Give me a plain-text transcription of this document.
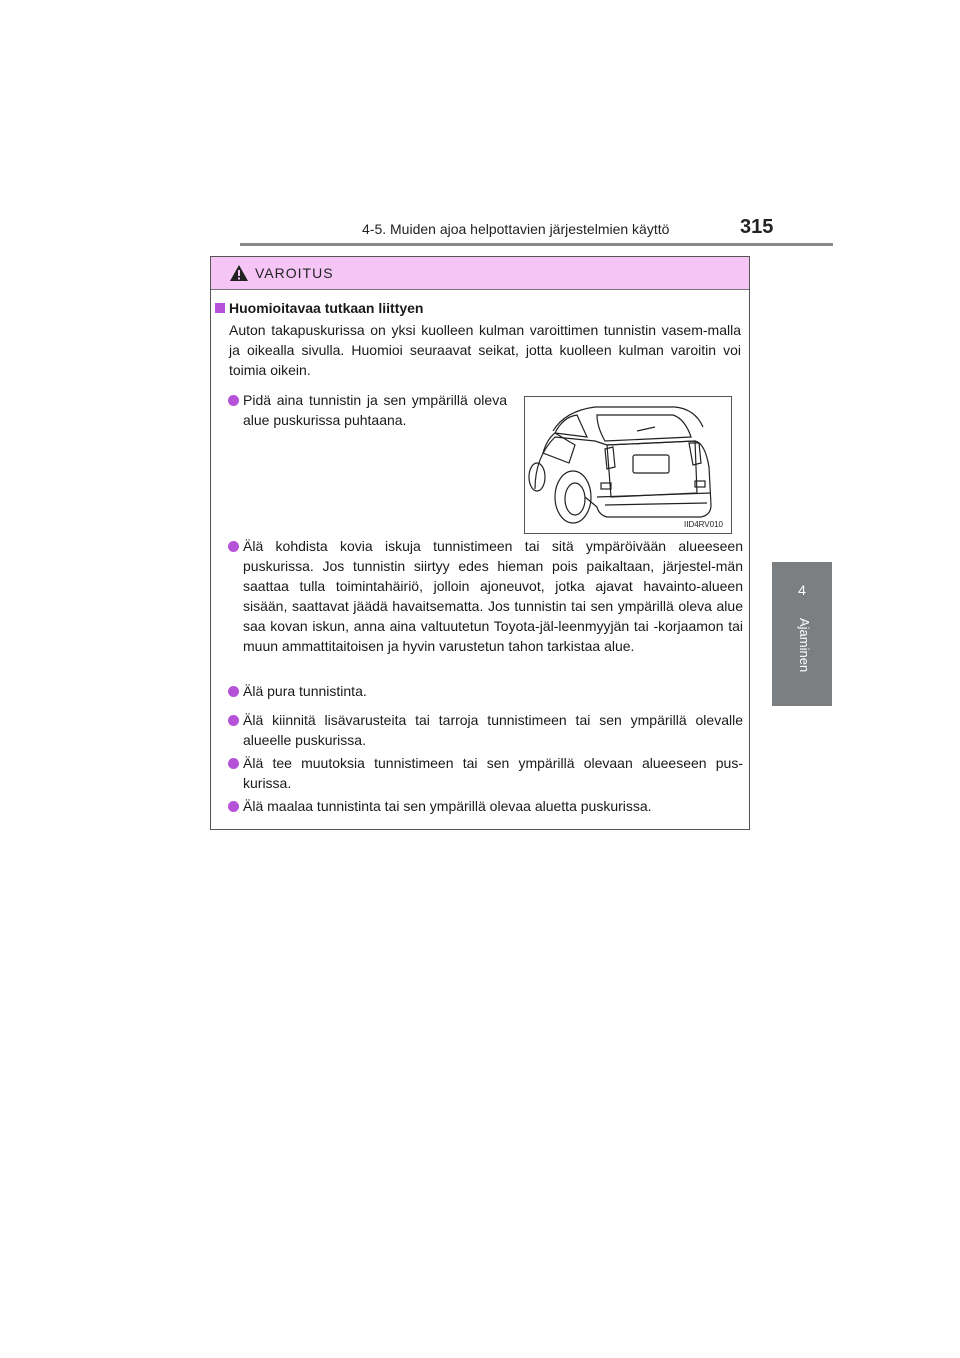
4-5. Muiden ajoa helpottavien järjestelmien käyttö	315
4
Ajaminen
VAROITUS
Huomioitavaa tutkaan liittyen
Auton takapuskurissa on yksi kuolleen kulman varoittimen tunnistin vasem-malla ja oikealla sivulla. Huomioi seuraavat seikat, jotta kuolleen kulman varoitin voi toimia oikein.
Pidä aina tunnistin ja sen ympärillä oleva alue puskurissa puhtaana.
IID4RV010
Älä kohdista kovia iskuja tunnistimeen tai sitä ympäröivään alueeseen puskurissa. Jos tunnistin siirtyy edes hieman pois paikaltaan, järjestel-män saattaa tulla toimintahäiriö, jolloin ajoneuvot, jotka ajavat havainto-alueen sisään, saattavat jäädä havaitsematta. Jos tunnistin tai sen ympärillä oleva alue saa kovan iskun, anna aina valtuutetun Toyota-jäl-leenmyyjän tai -korjaamon tai muun ammattitaitoisen ja hyvin varustetun tahon tarkistaa alue.
Älä pura tunnistinta.
Älä kiinnitä lisävarusteita tai tarroja tunnistimeen tai sen ympärillä olevalle alueelle puskurissa.
Älä tee muutoksia tunnistimeen tai sen ympärillä olevaan alueeseen pus-kurissa.
Älä maalaa tunnistinta tai sen ympärillä olevaa aluetta puskurissa.
